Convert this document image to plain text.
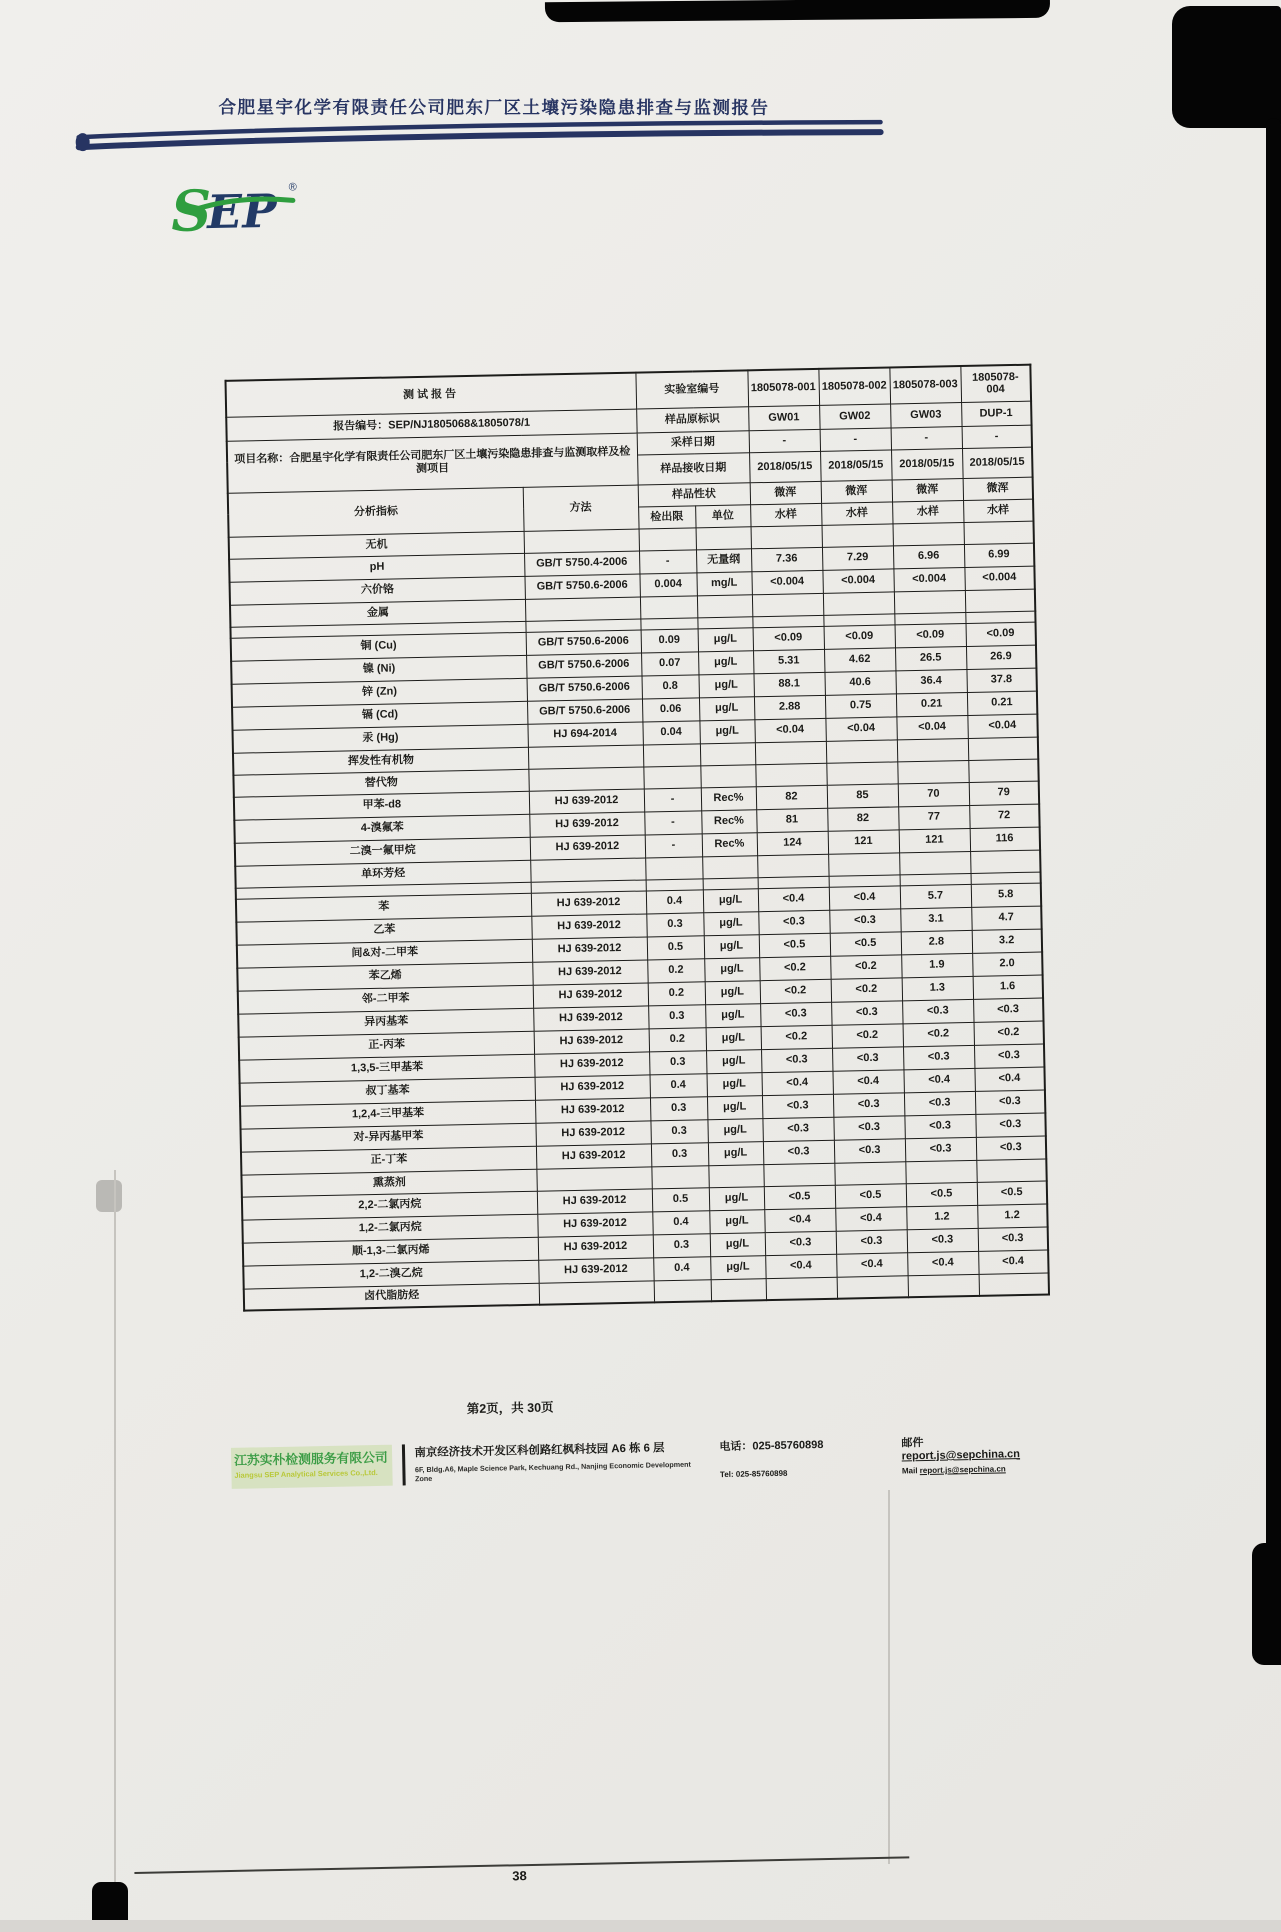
合肥星宇化学有限责任公司肥东厂区土壤污染隐患排查与监测报告
S
EP ®
测试报告		实验室编号		1805078-001	1805078-002	1805078-003	1805078-004
报告编号：SEP/NJ1805068&1805078/1		样品原标识		GW01	GW02	GW03	DUP-1
项目名称：合肥星宇化学有限责任公司肥东厂区土壤污染隐患排查与监测取样及检测项目		采样日期		-	-	-	-
		样品接收日期		2018/05/15	2018/05/15	2018/05/15	2018/05/15
分析指标	方法	样品性状		微浑	微浑	微浑	微浑
		检出限	单位	水样	水样	水样	水样
无机							
pH	GB/T 5750.4-2006	-	无量纲	7.36	7.29	6.96	6.99
六价铬	GB/T 5750.6-2006	0.004	mg/L	<0.004	<0.004	<0.004	<0.004
金属							

铜 (Cu)	GB/T 5750.6-2006	0.09	μg/L	<0.09	<0.09	<0.09	<0.09
镍 (Ni)	GB/T 5750.6-2006	0.07	μg/L	5.31	4.62	26.5	26.9
锌 (Zn)	GB/T 5750.6-2006	0.8	μg/L	88.1	40.6	36.4	37.8
镉 (Cd)	GB/T 5750.6-2006	0.06	μg/L	2.88	0.75	0.21	0.21
汞 (Hg)	HJ 694-2014	0.04	μg/L	<0.04	<0.04	<0.04	<0.04
挥发性有机物							
替代物							
甲苯-d8	HJ 639-2012	-	Rec%	82	85	70	79
4-溴氟苯	HJ 639-2012	-	Rec%	81	82	77	72
二溴一氟甲烷	HJ 639-2012	-	Rec%	124	121	121	116
单环芳烃							

苯	HJ 639-2012	0.4	μg/L	<0.4	<0.4	5.7	5.8
乙苯	HJ 639-2012	0.3	μg/L	<0.3	<0.3	3.1	4.7
间&对-二甲苯	HJ 639-2012	0.5	μg/L	<0.5	<0.5	2.8	3.2
苯乙烯	HJ 639-2012	0.2	μg/L	<0.2	<0.2	1.9	2.0
邻-二甲苯	HJ 639-2012	0.2	μg/L	<0.2	<0.2	1.3	1.6
异丙基苯	HJ 639-2012	0.3	μg/L	<0.3	<0.3	<0.3	<0.3
正-丙苯	HJ 639-2012	0.2	μg/L	<0.2	<0.2	<0.2	<0.2
1,3,5-三甲基苯	HJ 639-2012	0.3	μg/L	<0.3	<0.3	<0.3	<0.3
叔丁基苯	HJ 639-2012	0.4	μg/L	<0.4	<0.4	<0.4	<0.4
1,2,4-三甲基苯	HJ 639-2012	0.3	μg/L	<0.3	<0.3	<0.3	<0.3
对-异丙基甲苯	HJ 639-2012	0.3	μg/L	<0.3	<0.3	<0.3	<0.3
正-丁苯	HJ 639-2012	0.3	μg/L	<0.3	<0.3	<0.3	<0.3
熏蒸剂							
2,2-二氯丙烷	HJ 639-2012	0.5	μg/L	<0.5	<0.5	<0.5	<0.5
1,2-二氯丙烷	HJ 639-2012	0.4	μg/L	<0.4	<0.4	1.2	1.2
顺-1,3-二氯丙烯	HJ 639-2012	0.3	μg/L	<0.3	<0.3	<0.3	<0.3
1,2-二溴乙烷	HJ 639-2012	0.4	μg/L	<0.4	<0.4	<0.4	<0.4
卤代脂肪烃							
第2页，共 30页
江苏实朴检测服务有限公司
Jiangsu SEP Analytical Services Co.,Ltd.
南京经济技术开发区科创路红枫科技园 A6 栋 6 层
6F, Bldg.A6, Maple Science Park, Kechuang Rd., Nanjing Economic Development Zone
电话：025-85760898	邮件 report.js@sepchina.cn
Tel: 025-85760898	Mail report.js@sepchina.cn
38
